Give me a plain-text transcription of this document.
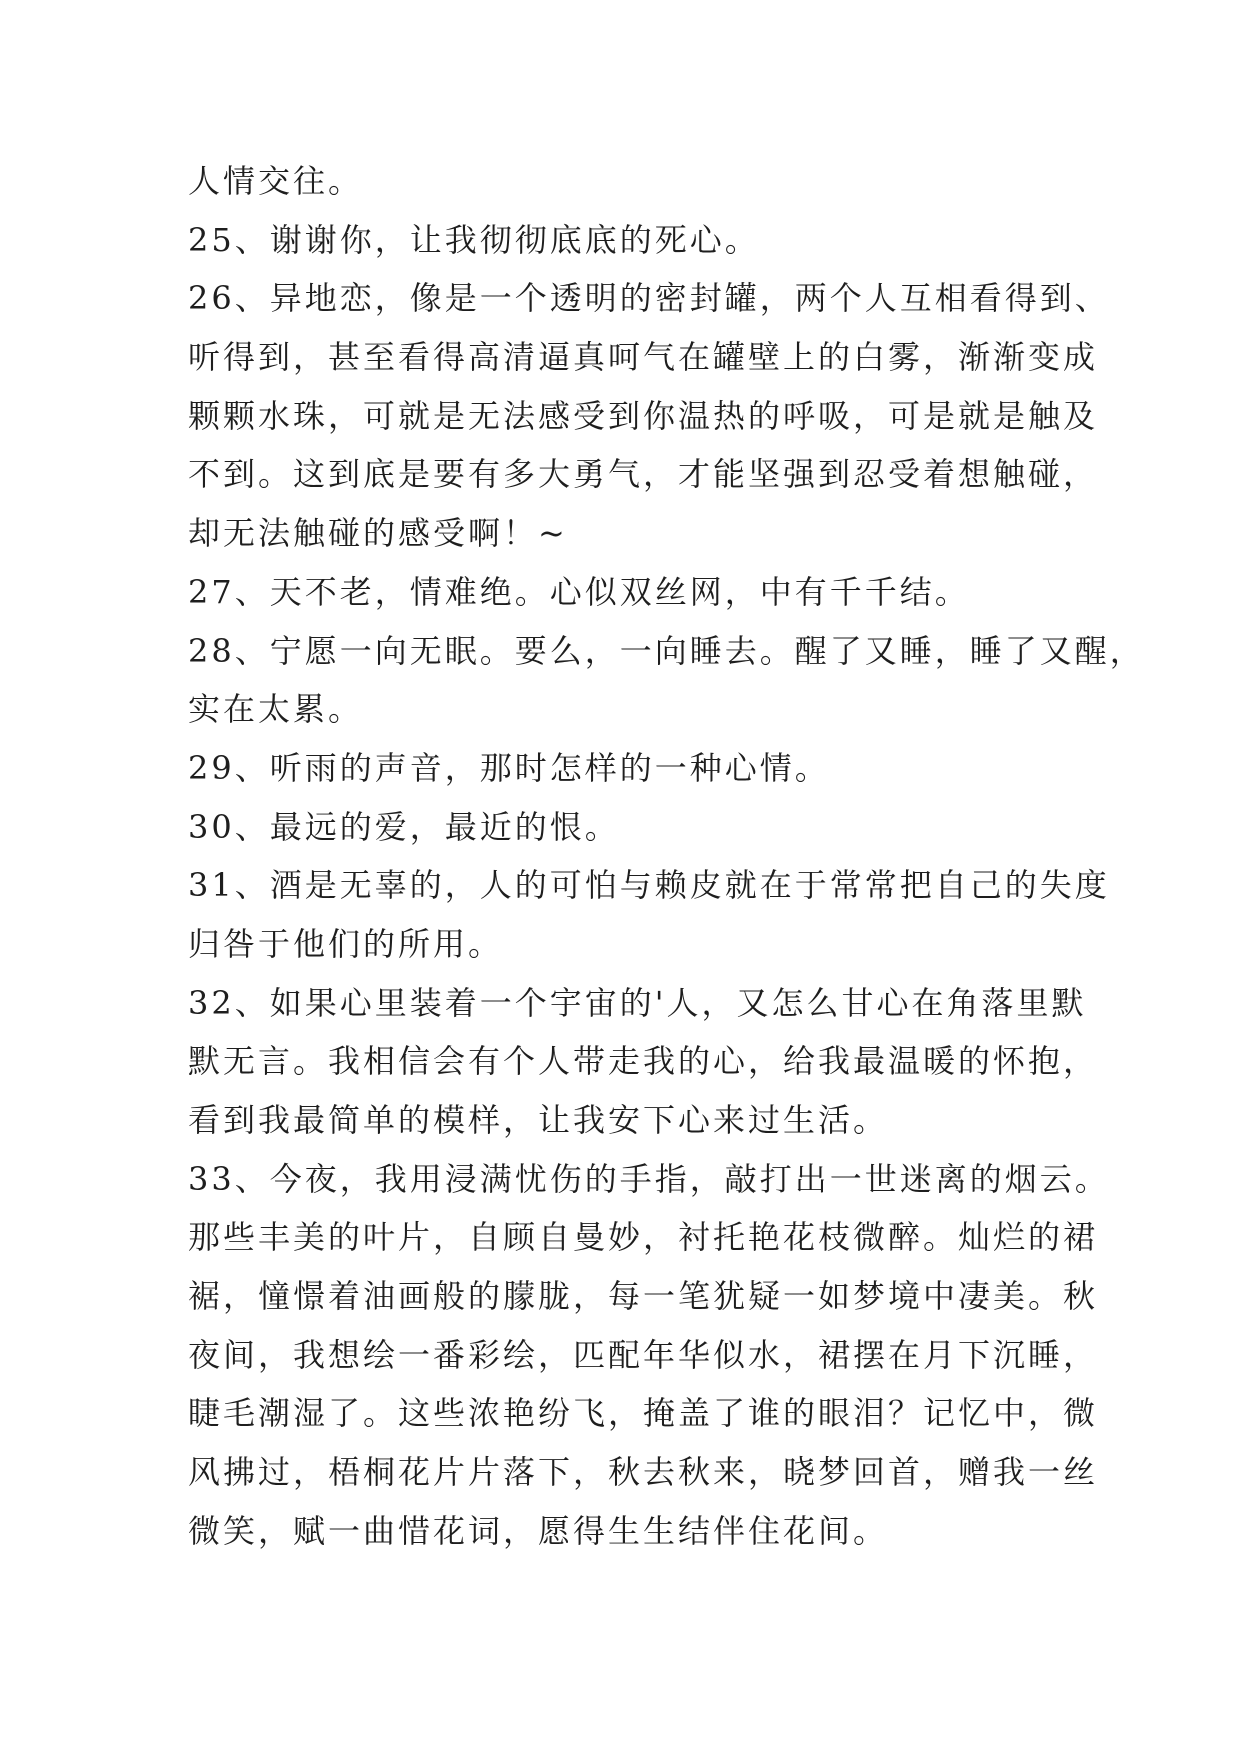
人情交往。
25、谢谢你，让我彻彻底底的死心。
26、异地恋，像是一个透明的密封罐，两个人互相看得到、
听得到，甚至看得高清逼真呵气在罐壁上的白雾，渐渐变成
颗颗水珠，可就是无法感受到你温热的呼吸，可是就是触及
不到。这到底是要有多大勇气，才能坚强到忍受着想触碰，
却无法触碰的感受啊！~
27、天不老，情难绝。心似双丝网，中有千千结。
28、宁愿一向无眠。要么，一向睡去。醒了又睡，睡了又醒，
实在太累。
29、听雨的声音，那时怎样的一种心情。
30、最远的爱，最近的恨。
31、酒是无辜的，人的可怕与赖皮就在于常常把自己的失度
归咎于他们的所用。
32、如果心里装着一个宇宙的'人，又怎么甘心在角落里默
默无言。我相信会有个人带走我的心，给我最温暖的怀抱，
看到我最简单的模样，让我安下心来过生活。
33、今夜，我用浸满忧伤的手指，敲打出一世迷离的烟云。
那些丰美的叶片，自顾自曼妙，衬托艳花枝微醉。灿烂的裙
裾，憧憬着油画般的朦胧，每一笔犹疑一如梦境中凄美。秋
夜间，我想绘一番彩绘，匹配年华似水，裙摆在月下沉睡，
睫毛潮湿了。这些浓艳纷飞，掩盖了谁的眼泪？记忆中，微
风拂过，梧桐花片片落下，秋去秋来，晓梦回首，赠我一丝
微笑，赋一曲惜花词，愿得生生结伴住花间。
